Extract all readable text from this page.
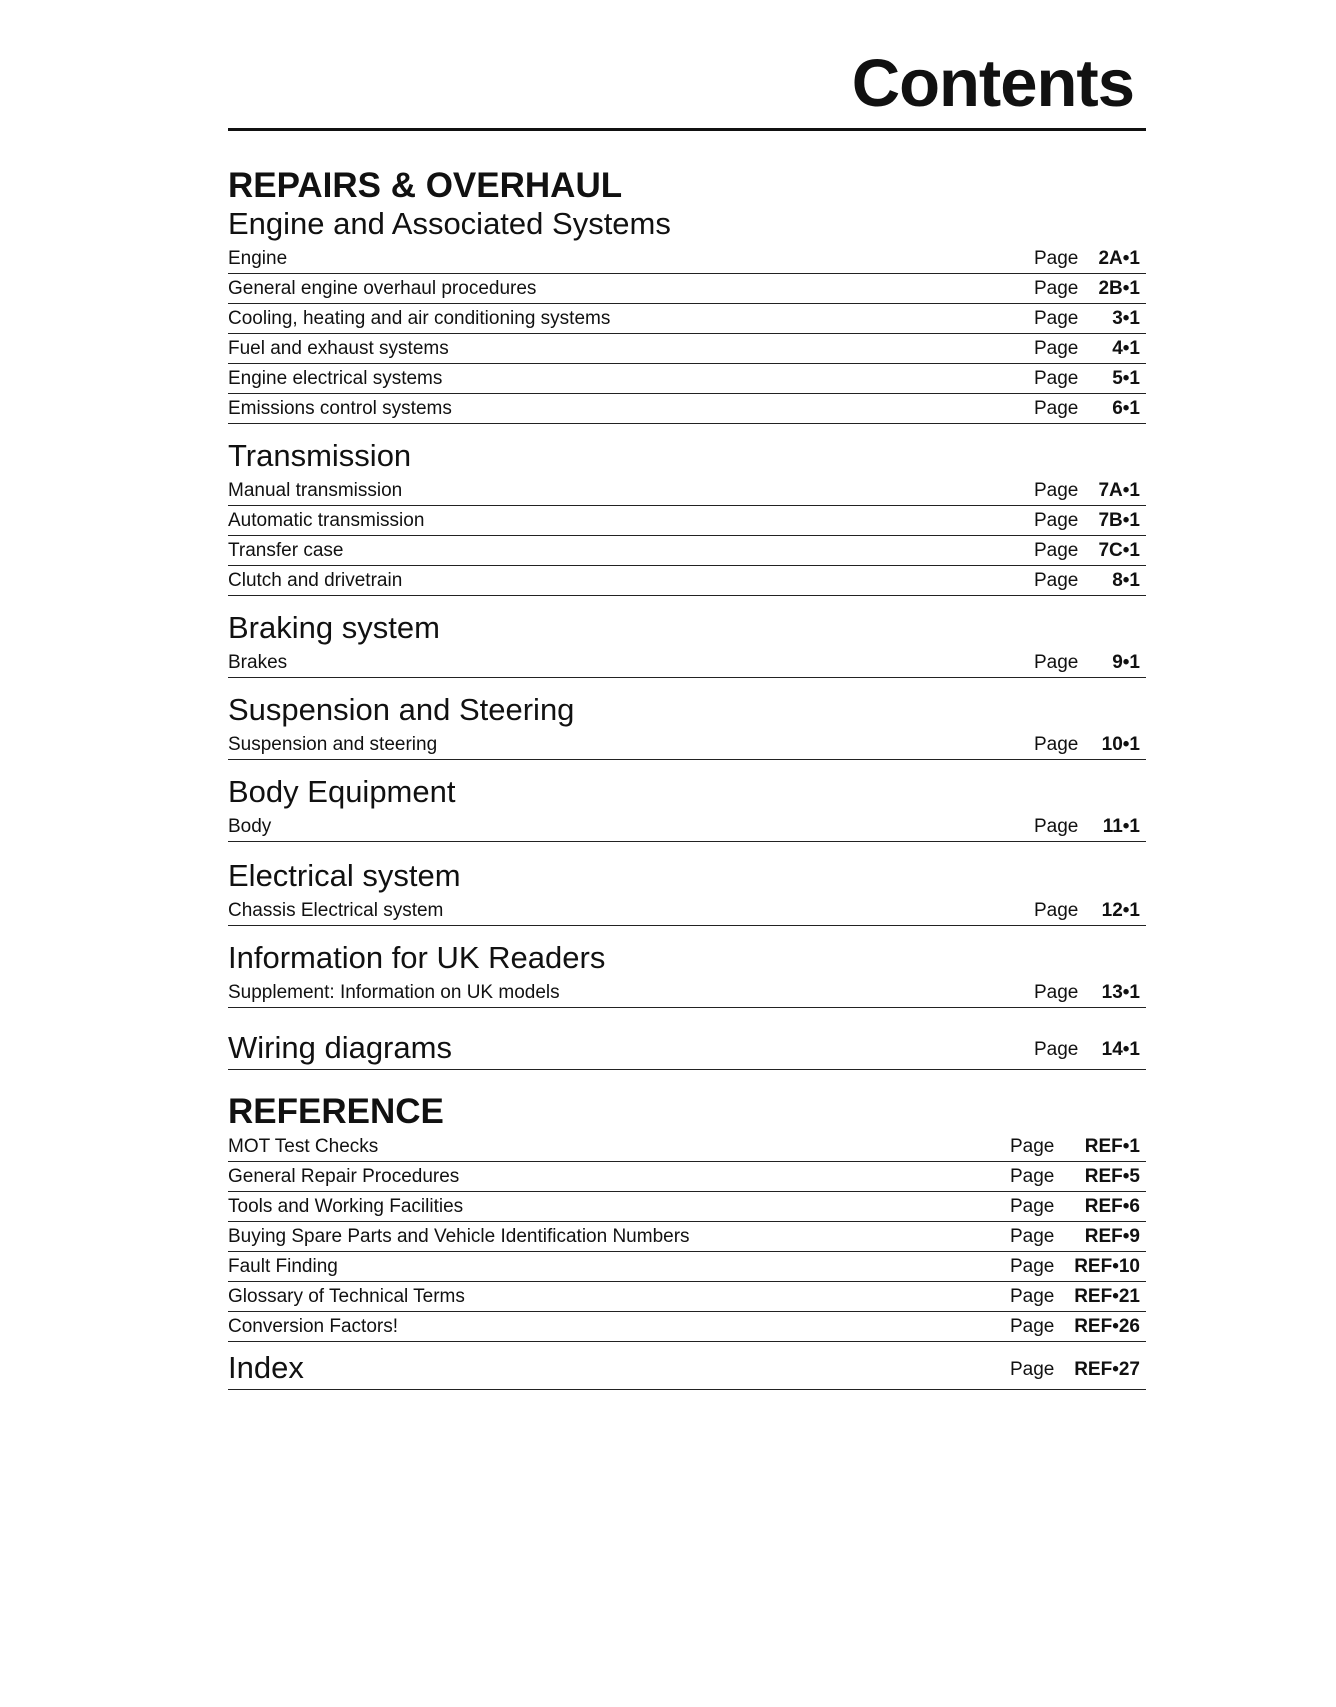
Contents
REPAIRS & OVERHAUL
Engine and Associated Systems
Engine	Page	2A•1
General engine overhaul procedures	Page	2B•1
Cooling, heating and air conditioning systems	Page	3•1
Fuel and exhaust systems	Page	4•1
Engine electrical systems	Page	5•1
Emissions control systems	Page	6•1
Transmission
Manual transmission	Page	7A•1
Automatic transmission	Page	7B•1
Transfer case	Page	7C•1
Clutch and drivetrain	Page	8•1
Braking system
Brakes	Page	9•1
Suspension and Steering
Suspension and steering	Page	10•1
Body Equipment
Body	Page	11•1
Electrical system
Chassis Electrical system	Page	12•1
Information for UK Readers
Supplement: Information on UK models	Page	13•1
Wiring diagrams	Page	14•1
REFERENCE
MOT Test Checks	Page	REF•1
General Repair Procedures	Page	REF•5
Tools and Working Facilities	Page	REF•6
Buying Spare Parts and Vehicle Identification Numbers	Page	REF•9
Fault Finding	Page	REF•10
Glossary of Technical Terms	Page	REF•21
Conversion Factors!	Page	REF•26
Index	Page	REF•27
